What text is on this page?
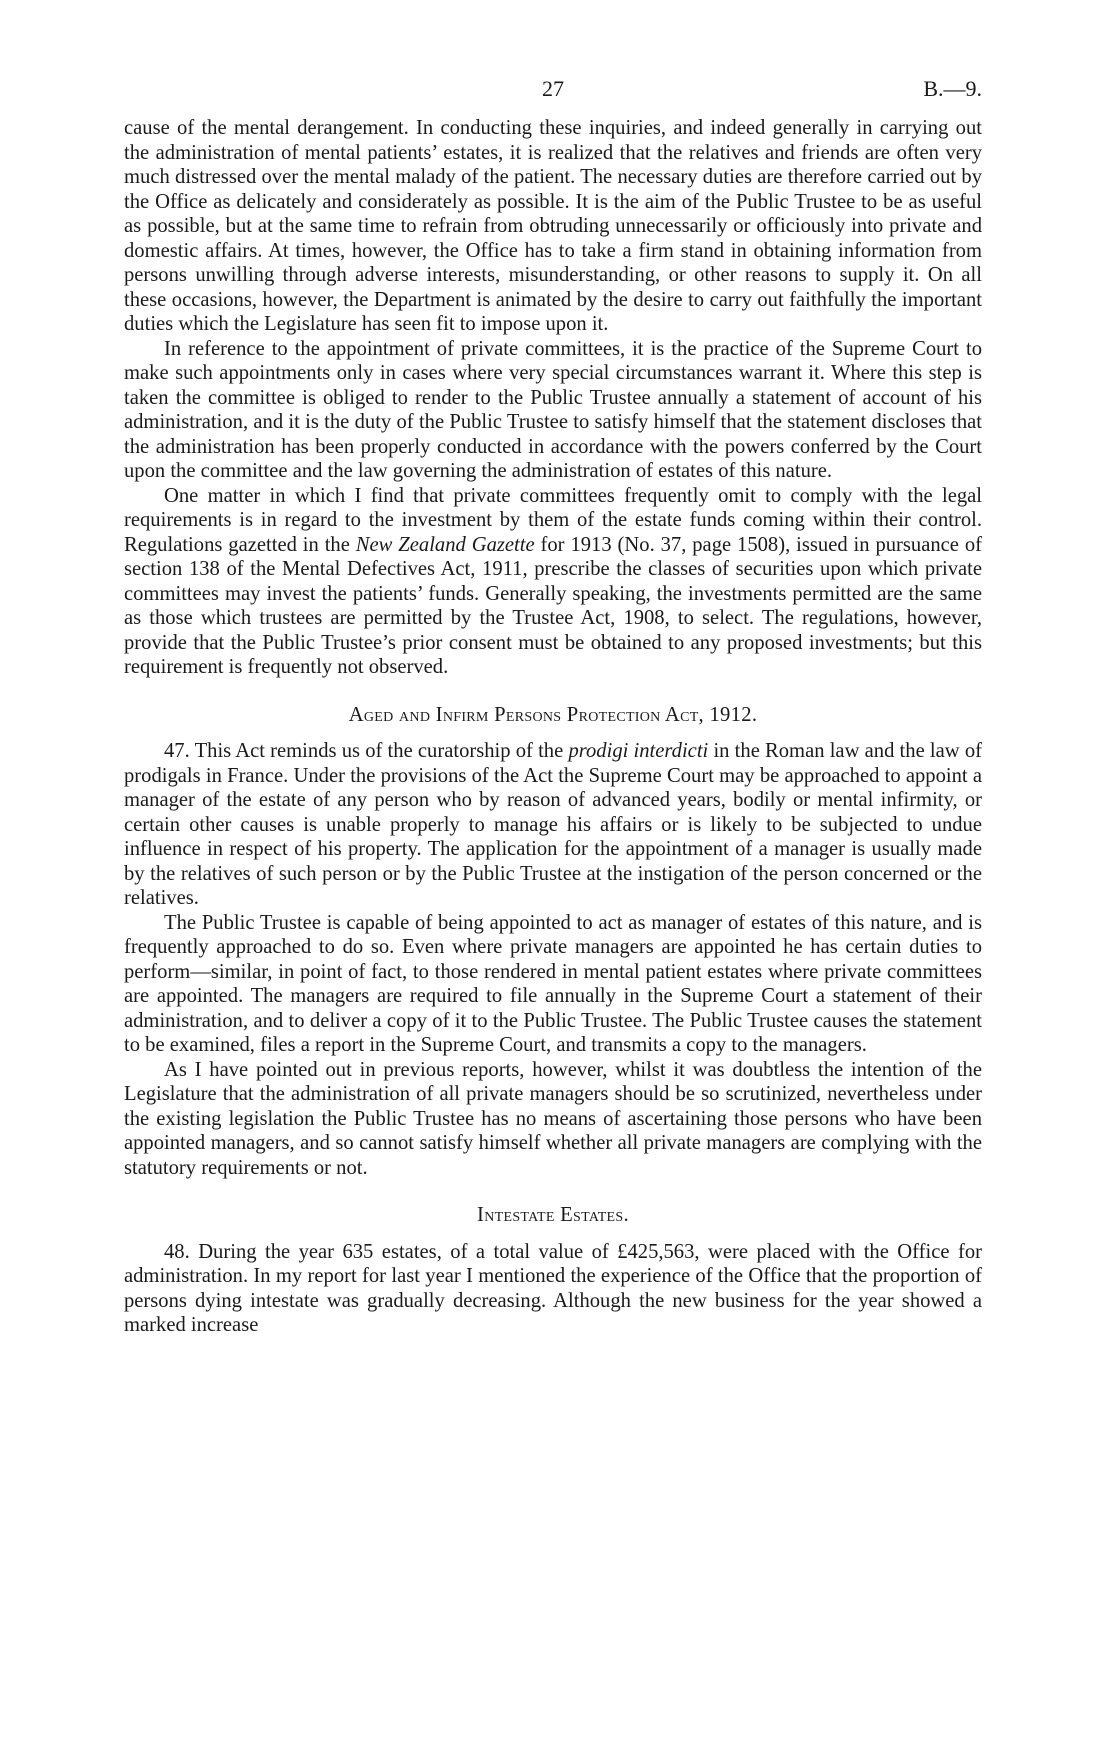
27	B.—9.

cause of the mental derangement. In conducting these inquiries, and indeed generally in carrying out the administration of mental patients’ estates, it is realized that the relatives and friends are often very much distressed over the mental malady of the patient. The necessary duties are therefore carried out by the Office as delicately and considerately as possible. It is the aim of the Public Trustee to be as useful as possible, but at the same time to refrain from obtruding unnecessarily or officiously into private and domestic affairs. At times, however, the Office has to take a firm stand in obtaining information from persons unwilling through adverse interests, misunderstanding, or other reasons to supply it. On all these occasions, however, the Department is animated by the desire to carry out faithfully the important duties which the Legislature has seen fit to impose upon it.

In reference to the appointment of private committees, it is the practice of the Supreme Court to make such appointments only in cases where very special circumstances warrant it. Where this step is taken the committee is obliged to render to the Public Trustee annually a statement of account of his administration, and it is the duty of the Public Trustee to satisfy himself that the statement discloses that the administration has been properly conducted in accordance with the powers conferred by the Court upon the committee and the law governing the administration of estates of this nature.

One matter in which I find that private committees frequently omit to comply with the legal requirements is in regard to the investment by them of the estate funds coming within their control. Regulations gazetted in the New Zealand Gazette for 1913 (No. 37, page 1508), issued in pursuance of section 138 of the Mental Defectives Act, 1911, prescribe the classes of securities upon which private committees may invest the patients’ funds. Generally speaking, the investments permitted are the same as those which trustees are permitted by the Trustee Act, 1908, to select. The regulations, however, provide that the Public Trustee’s prior consent must be obtained to any proposed investments; but this requirement is frequently not observed.

Aged and Infirm Persons Protection Act, 1912.

47. This Act reminds us of the curatorship of the prodigi interdicti in the Roman law and the law of prodigals in France. Under the provisions of the Act the Supreme Court may be approached to appoint a manager of the estate of any person who by reason of advanced years, bodily or mental infirmity, or certain other causes is unable properly to manage his affairs or is likely to be subjected to undue influence in respect of his property. The application for the appointment of a manager is usually made by the relatives of such person or by the Public Trustee at the instigation of the person concerned or the relatives.

The Public Trustee is capable of being appointed to act as manager of estates of this nature, and is frequently approached to do so. Even where private managers are appointed he has certain duties to perform—similar, in point of fact, to those rendered in mental patient estates where private committees are appointed. The managers are required to file annually in the Supreme Court a statement of their administration, and to deliver a copy of it to the Public Trustee. The Public Trustee causes the statement to be examined, files a report in the Supreme Court, and transmits a copy to the managers.

As I have pointed out in previous reports, however, whilst it was doubtless the intention of the Legislature that the administration of all private managers should be so scrutinized, nevertheless under the existing legislation the Public Trustee has no means of ascertaining those persons who have been appointed managers, and so cannot satisfy himself whether all private managers are complying with the statutory requirements or not.

Intestate Estates.

48. During the year 635 estates, of a total value of £425,563, were placed with the Office for administration. In my report for last year I mentioned the experience of the Office that the proportion of persons dying intestate was gradually decreasing. Although the new business for the year showed a marked increase
